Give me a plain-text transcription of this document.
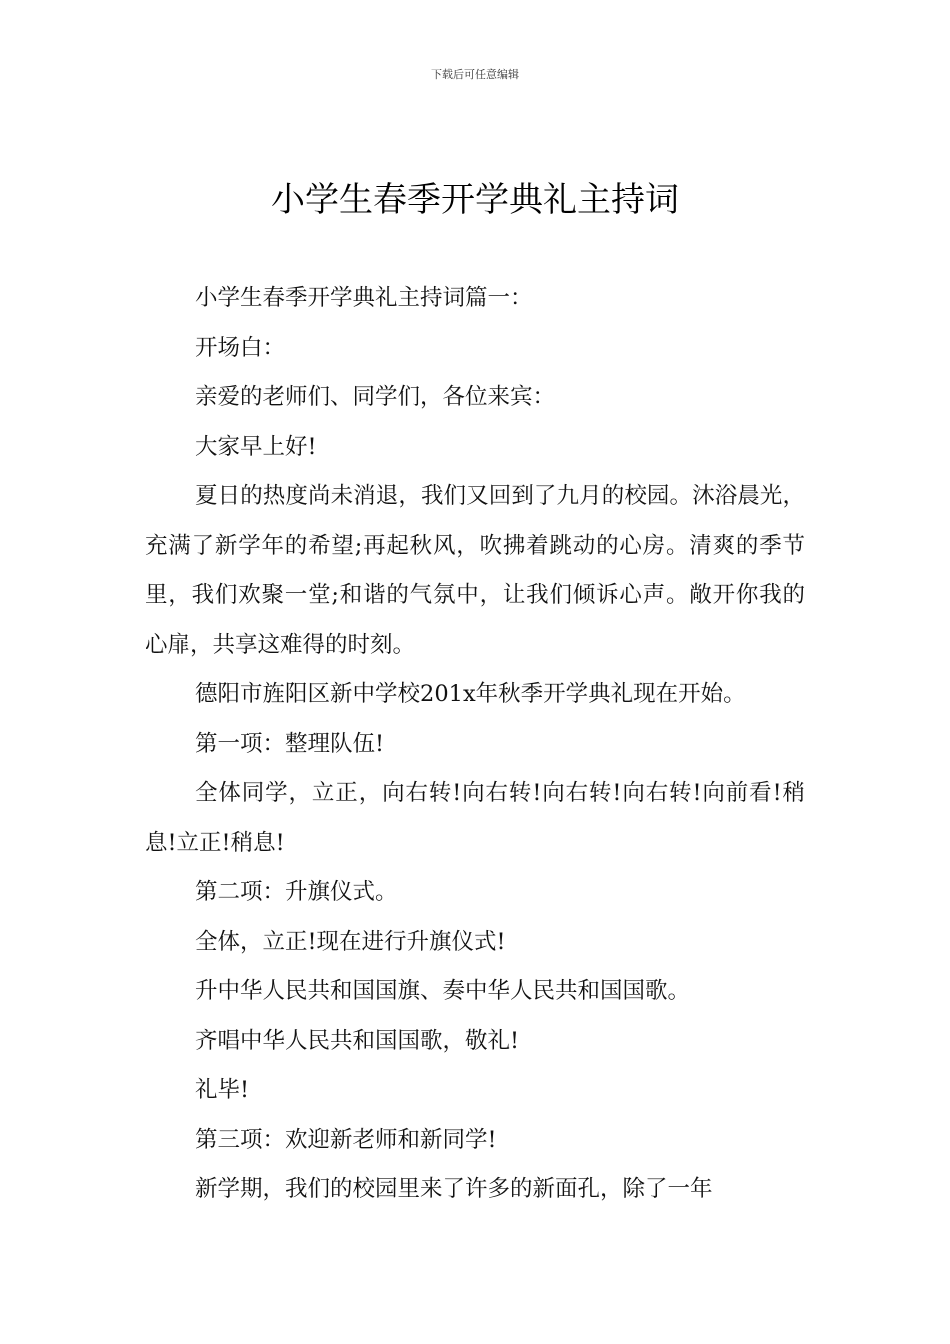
下载后可任意编辑
小学生春季开学典礼主持词

小学生春季开学典礼主持词篇一：

开场白：

亲爱的老师们、同学们，各位来宾：

大家早上好!

夏日的热度尚未消退，我们又回到了九月的校园。沐浴晨光，充满了新学年的希望;再起秋风，吹拂着跳动的心房。清爽的季节里，我们欢聚一堂;和谐的气氛中，让我们倾诉心声。敞开你我的心扉，共享这难得的时刻。

德阳市旌阳区新中学校201x年秋季开学典礼现在开始。

第一项：整理队伍!

全体同学，立正，向右转!向右转!向右转!向右转!向前看!稍息!立正!稍息!

第二项：升旗仪式。

全体，立正!现在进行升旗仪式!

升中华人民共和国国旗、奏中华人民共和国国歌。

齐唱中华人民共和国国歌，敬礼!

礼毕!

第三项：欢迎新老师和新同学!

新学期，我们的校园里来了许多的新面孔，除了一年
